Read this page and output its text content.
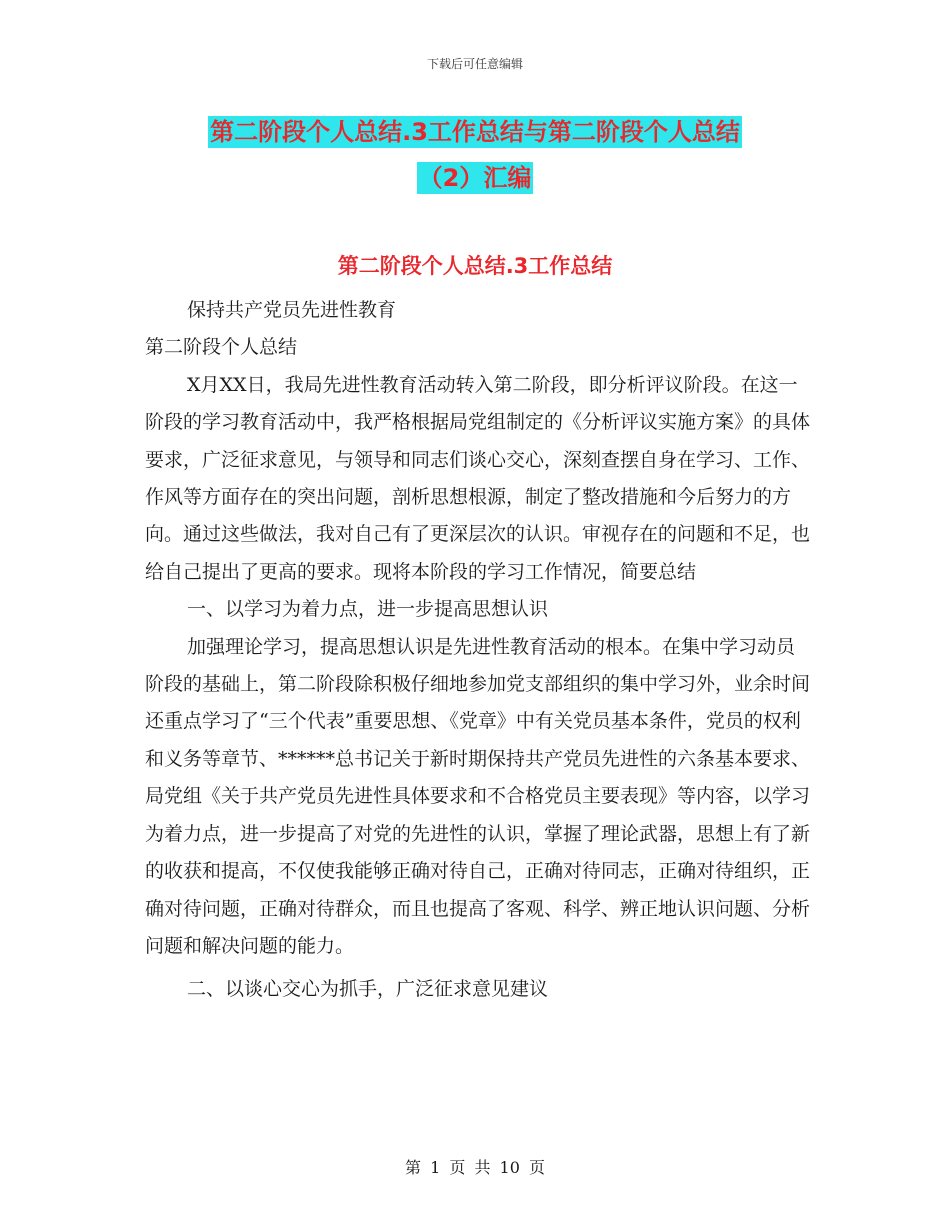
下载后可任意编辑
第二阶段个人总结.3工作总结与第二阶段个人总结
（2）汇编
第二阶段个人总结.3工作总结

保持共产党员先进性教育

第二阶段个人总结

X月XX日，我局先进性教育活动转入第二阶段，即分析评议阶段。在这一阶段的学习教育活动中，我严格根据局党组制定的《分析评议实施方案》的具体要求，广泛征求意见，与领导和同志们谈心交心，深刻查摆自身在学习、工作、作风等方面存在的突出问题，剖析思想根源，制定了整改措施和今后努力的方向。通过这些做法，我对自己有了更深层次的认识。审视存在的问题和不足，也给自己提出了更高的要求。现将本阶段的学习工作情况，简要总结

一、以学习为着力点，进一步提高思想认识

加强理论学习，提高思想认识是先进性教育活动的根本。在集中学习动员阶段的基础上，第二阶段除积极仔细地参加党支部组织的集中学习外，业余时间还重点学习了“三个代表”重要思想、《党章》中有关党员基本条件，党员的权利和义务等章节、******总书记关于新时期保持共产党员先进性的六条基本要求、局党组《关于共产党员先进性具体要求和不合格党员主要表现》等内容，以学习为着力点，进一步提高了对党的先进性的认识，掌握了理论武器，思想上有了新的收获和提高，不仅使我能够正确对待自己，正确对待同志，正确对待组织，正确对待问题，正确对待群众，而且也提高了客观、科学、辨正地认识问题、分析问题和解决问题的能力。

二、以谈心交心为抓手，广泛征求意见建议

第 1 页 共 10 页
